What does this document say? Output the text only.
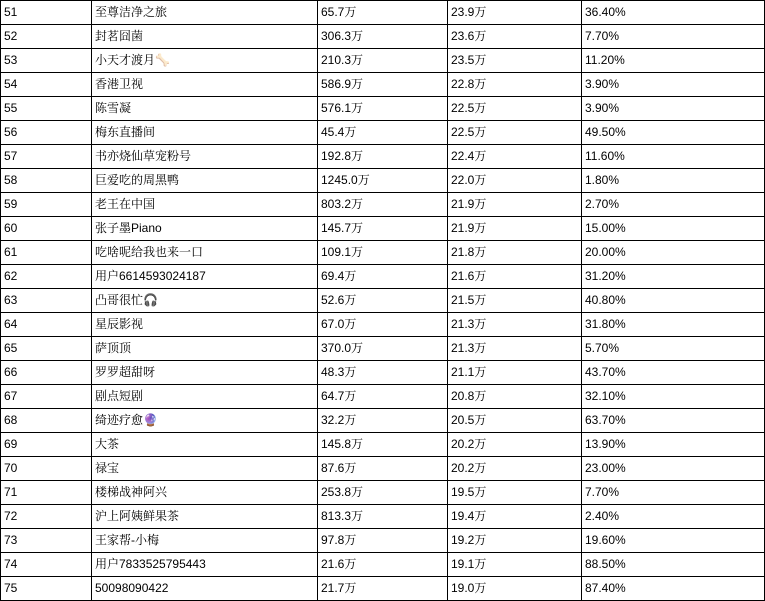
51	至尊洁净之旅	65.7万	23.9万	36.40%
52	封茗囧菌	306.3万	23.6万	7.70%
53	小天才渡月🦴	210.3万	23.5万	11.20%
54	香港卫视	586.9万	22.8万	3.90%
55	陈雪凝	576.1万	22.5万	3.90%
56	梅东直播间	45.4万	22.5万	49.50%
57	书亦烧仙草宠粉号	192.8万	22.4万	11.60%
58	巨爱吃的周黑鸭	1245.0万	22.0万	1.80%
59	老王在中国	803.2万	21.9万	2.70%
60	张子墨Piano	145.7万	21.9万	15.00%
61	吃啥呢给我也来一口	109.1万	21.8万	20.00%
62	用户6614593024187	69.4万	21.6万	31.20%
63	凸哥很忙🎧	52.6万	21.5万	40.80%
64	星辰影视	67.0万	21.3万	31.80%
65	萨顶顶	370.0万	21.3万	5.70%
66	罗罗超甜呀	48.3万	21.1万	43.70%
67	剧点短剧	64.7万	20.8万	32.10%
68	绮迹疗愈🔮	32.2万	20.5万	63.70%
69	大茶	145.8万	20.2万	13.90%
70	禄宝	87.6万	20.2万	23.00%
71	楼梯战神阿兴	253.8万	19.5万	7.70%
72	沪上阿姨鲜果茶	813.3万	19.4万	2.40%
73	王家帮-小梅	97.8万	19.2万	19.60%
74	用户7833525795443	21.6万	19.1万	88.50%
75	50098090422	21.7万	19.0万	87.40%
